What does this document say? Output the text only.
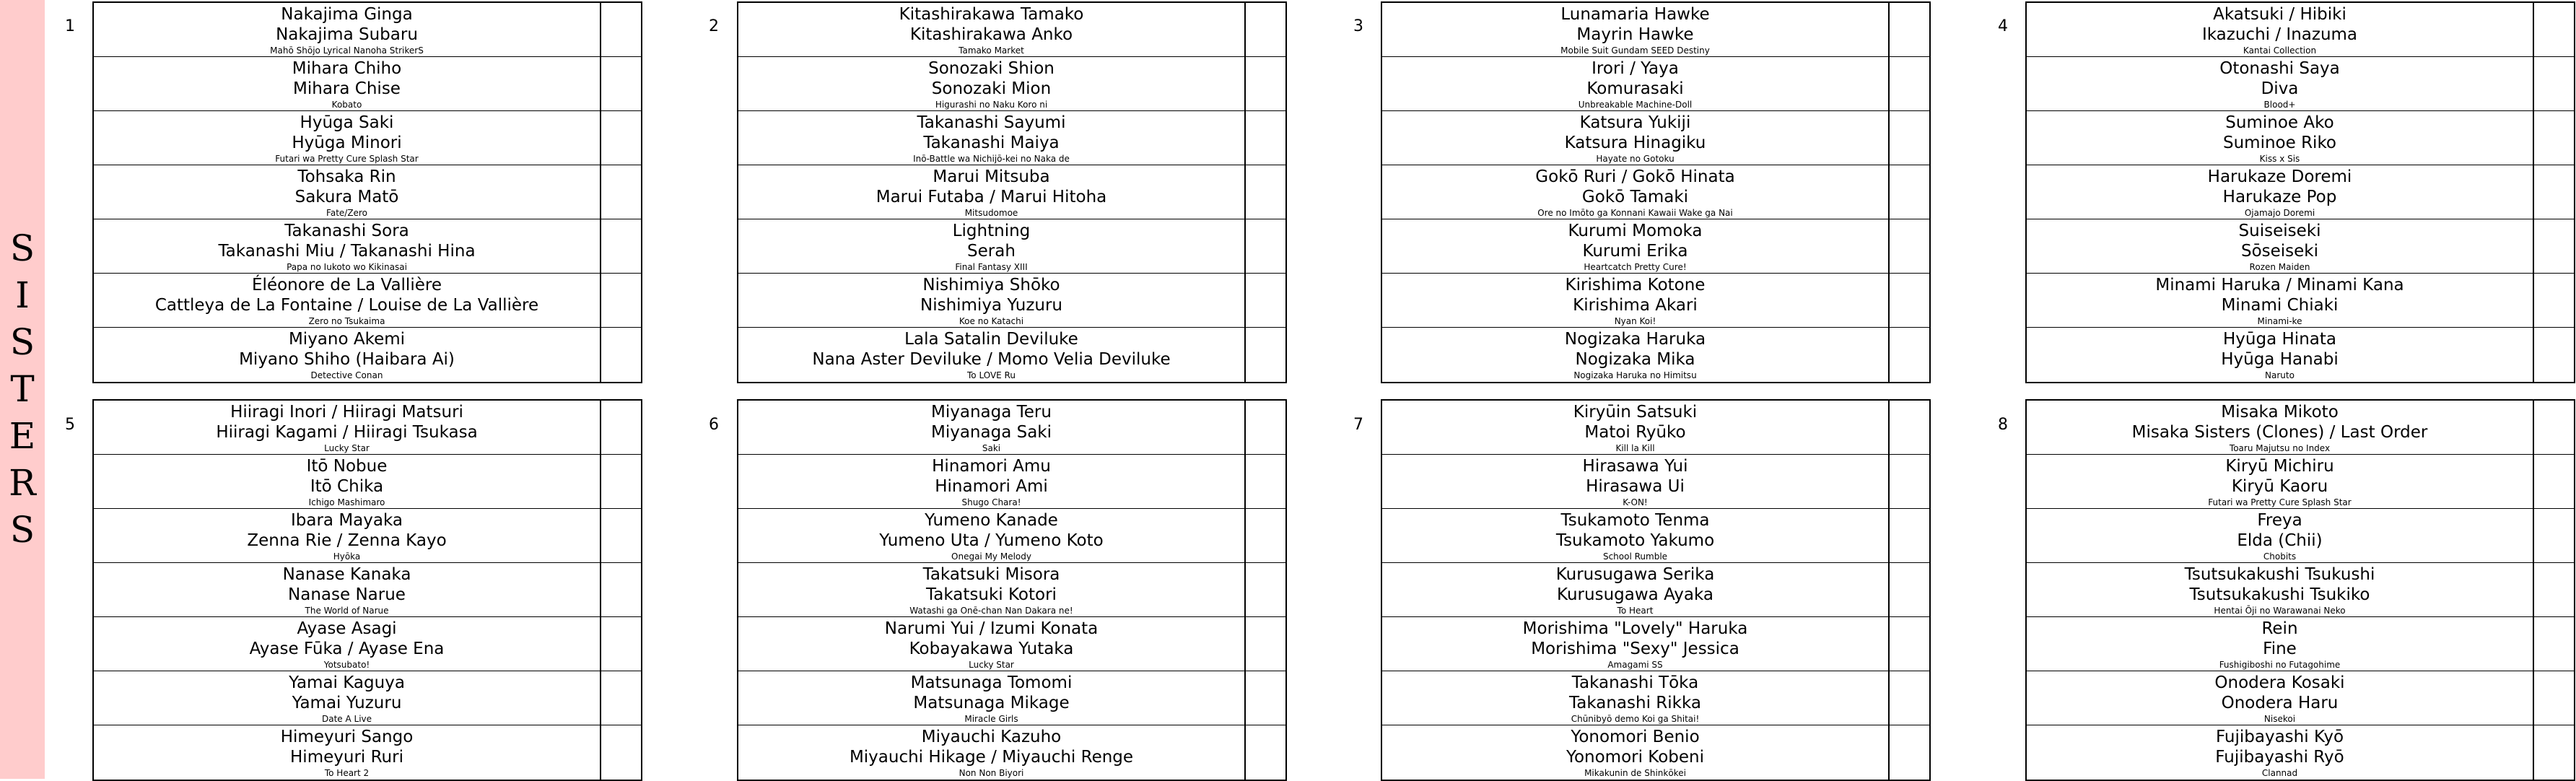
S
I
S
T
E
R
S
1
Nakajima Ginga
Nakajima Subaru
Mahō Shōjo Lyrical Nanoha StrikerS
Mihara Chiho
Mihara Chise
Kobato
Hyūga Saki
Hyūga Minori
Futari wa Pretty Cure Splash Star
Tohsaka Rin
Sakura Matō
Fate/Zero
Takanashi Sora
Takanashi Miu / Takanashi Hina
Papa no Iukoto wo Kikinasai
Éléonore de La Vallière
Cattleya de La Fontaine / Louise de La Vallière
Zero no Tsukaima
Miyano Akemi
Miyano Shiho (Haibara Ai)
Detective Conan
2
Kitashirakawa Tamako
Kitashirakawa Anko
Tamako Market
Sonozaki Shion
Sonozaki Mion
Higurashi no Naku Koro ni
Takanashi Sayumi
Takanashi Maiya
Inō-Battle wa Nichijō-kei no Naka de
Marui Mitsuba
Marui Futaba / Marui Hitoha
Mitsudomoe
Lightning
Serah
Final Fantasy XIII
Nishimiya Shōko
Nishimiya Yuzuru
Koe no Katachi
Lala Satalin Deviluke
Nana Aster Deviluke / Momo Velia Deviluke
To LOVE Ru
3
Lunamaria Hawke
Mayrin Hawke
Mobile Suit Gundam SEED Destiny
Irori / Yaya
Komurasaki
Unbreakable Machine-Doll
Katsura Yukiji
Katsura Hinagiku
Hayate no Gotoku
Gokō Ruri / Gokō Hinata
Gokō Tamaki
Ore no Imōto ga Konnani Kawaii Wake ga Nai
Kurumi Momoka
Kurumi Erika
Heartcatch Pretty Cure!
Kirishima Kotone
Kirishima Akari
Nyan Koi!
Nogizaka Haruka
Nogizaka Mika
Nogizaka Haruka no Himitsu
4
Akatsuki / Hibiki
Ikazuchi / Inazuma
Kantai Collection
Otonashi Saya
Diva
Blood+
Suminoe Ako
Suminoe Riko
Kiss x Sis
Harukaze Doremi
Harukaze Pop
Ojamajo Doremi
Suiseiseki
Sōseiseki
Rozen Maiden
Minami Haruka / Minami Kana
Minami Chiaki
Minami-ke
Hyūga Hinata
Hyūga Hanabi
Naruto
5
Hiiragi Inori / Hiiragi Matsuri
Hiiragi Kagami / Hiiragi Tsukasa
Lucky Star
Itō Nobue
Itō Chika
Ichigo Mashimaro
Ibara Mayaka
Zenna Rie / Zenna Kayo
Hyōka
Nanase Kanaka
Nanase Narue
The World of Narue
Ayase Asagi
Ayase Fūka / Ayase Ena
Yotsubato!
Yamai Kaguya
Yamai Yuzuru
Date A Live
Himeyuri Sango
Himeyuri Ruri
To Heart 2
6
Miyanaga Teru
Miyanaga Saki
Saki
Hinamori Amu
Hinamori Ami
Shugo Chara!
Yumeno Kanade
Yumeno Uta / Yumeno Koto
Onegai My Melody
Takatsuki Misora
Takatsuki Kotori
Watashi ga Onē-chan Nan Dakara ne!
Narumi Yui / Izumi Konata
Kobayakawa Yutaka
Lucky Star
Matsunaga Tomomi
Matsunaga Mikage
Miracle Girls
Miyauchi Kazuho
Miyauchi Hikage / Miyauchi Renge
Non Non Biyori
7
Kiryūin Satsuki
Matoi Ryūko
Kill la Kill
Hirasawa Yui
Hirasawa Ui
K-ON!
Tsukamoto Tenma
Tsukamoto Yakumo
School Rumble
Kurusugawa Serika
Kurusugawa Ayaka
To Heart
Morishima "Lovely" Haruka
Morishima "Sexy" Jessica
Amagami SS
Takanashi Tōka
Takanashi Rikka
Chūnibyō demo Koi ga Shitai!
Yonomori Benio
Yonomori Kobeni
Mikakunin de Shinkōkei
8
Misaka Mikoto
Misaka Sisters (Clones) / Last Order
Toaru Majutsu no Index
Kiryū Michiru
Kiryū Kaoru
Futari wa Pretty Cure Splash Star
Freya
Elda (Chii)
Chobits
Tsutsukakushi Tsukushi
Tsutsukakushi Tsukiko
Hentai Ōji no Warawanai Neko
Rein
Fine
Fushigiboshi no Futagohime
Onodera Kosaki
Onodera Haru
Nisekoi
Fujibayashi Kyō
Fujibayashi Ryō
Clannad
